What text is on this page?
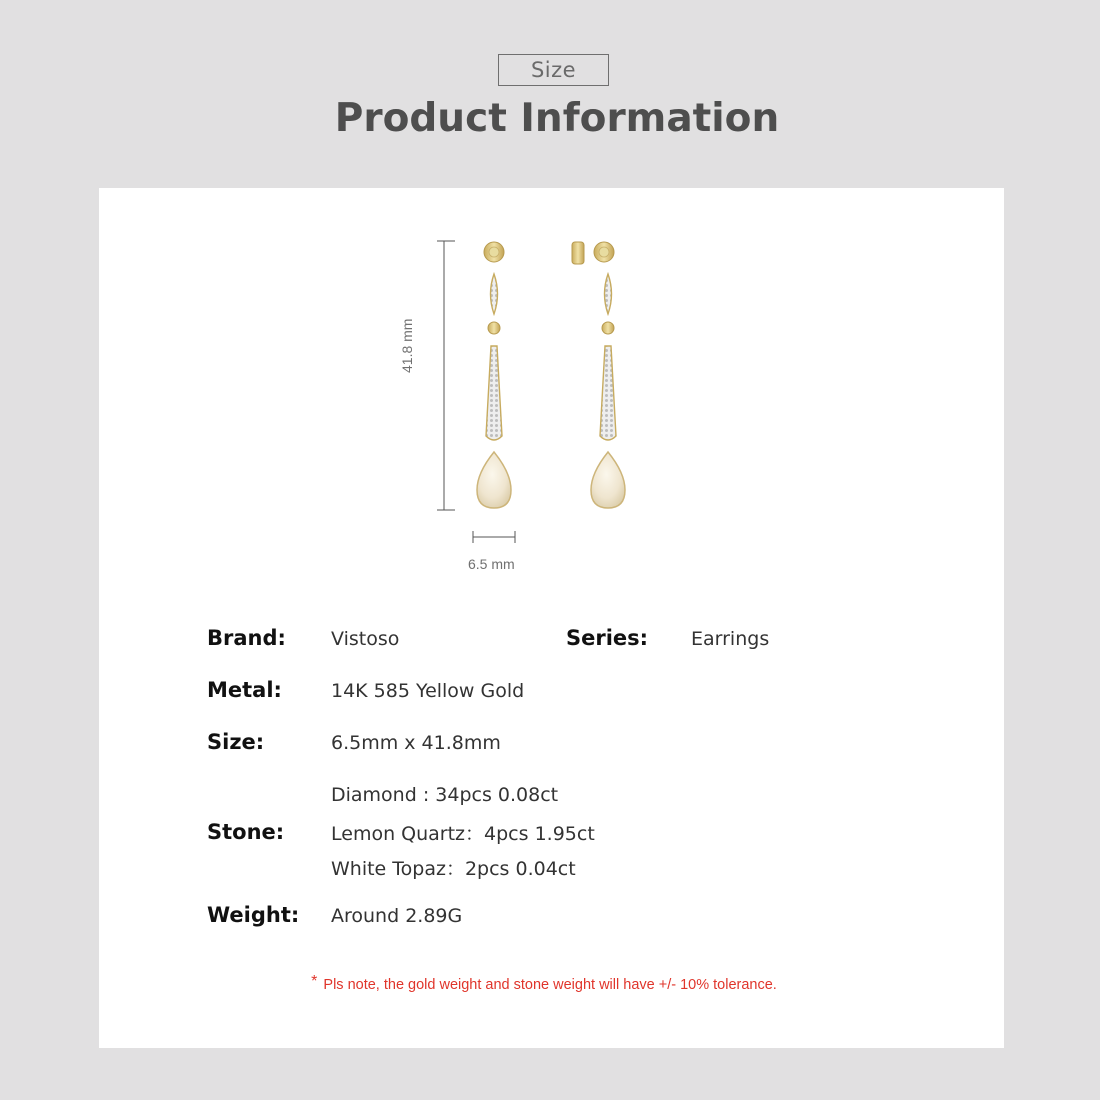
Size
Product Information
41.8 mm
6.5 mm
Brand: Vistoso	Series: Earrings
Metal:	14K 585 Yellow Gold
Size:	6.5mm x 41.8mm
Diamond : 34pcs 0.08ct
Stone: Lemon Quartz：4pcs 1.95ct
White Topaz：2pcs 0.04ct
Weight: Around 2.89G
* Pls note, the gold weight and stone weight will have +/- 10% tolerance.
